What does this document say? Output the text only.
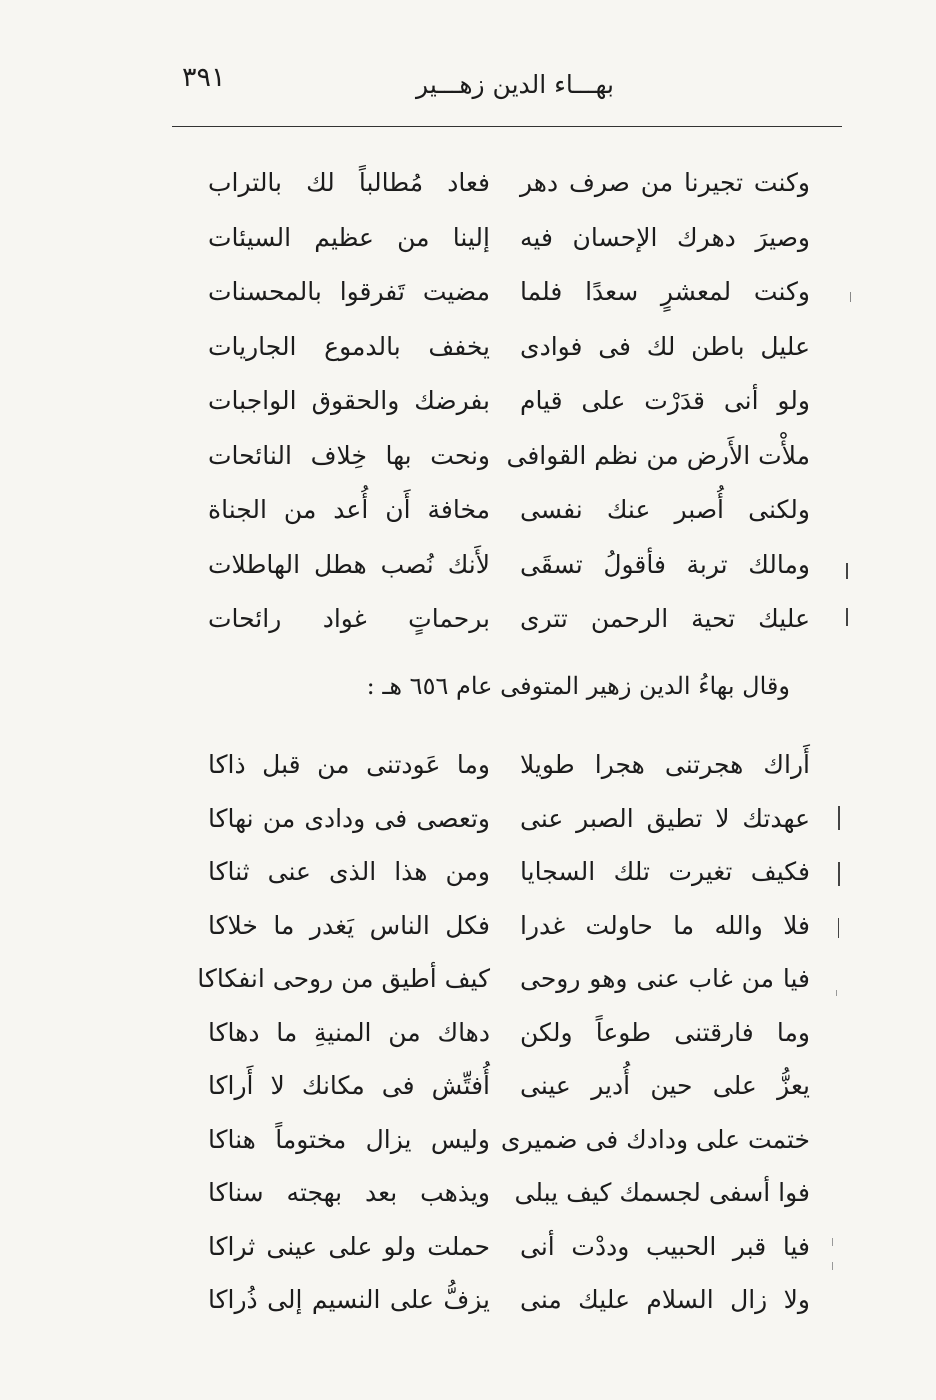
٣٩١	بهـــاء الدين زهـــير
وكنت تجيرنا من صرف دهر
فعاد مُطالباً لك بالتراب
وصيرَ دهرك الإحسان فيه
إلينا من عظيم السيئات
وكنت لمعشرٍ سعدًا فلما
مضيت تَفرقوا بالمحسنات
عليل باطن لك فى فوادى
يخفف بالدموع الجاريات
ولو أنى قدَرْت على قيام
بفرضك والحقوق الواجبات
ملأْت الأَرض من نظم القوافى
ونحت بها خِلاف النائحات
ولكنى أُصبر عنك نفسى
مخافة أَن أُعد من الجناة
ومالك تربة فأقولُ تسقَى
لأَنك نُصب هطل الهاطلات
عليك تحية الرحمن تترى
برحماتٍ غواد رائحات
وقال بهاءُ الدين زهير المتوفى عام ٦٥٦ هـ :
أَراك هجرتنى هجرا طويلا
وما عَودتنى من قبل ذاكا
عهدتك لا تطيق الصبر عنى
وتعصى فى ودادى من نهاكا
فكيف تغيرت تلك السجايا
ومن هذا الذى عنى ثناكا
فلا والله ما حاولت غدرا
فكل الناس يَغدر ما خلاكا
فيا من غاب عنى وهو روحى
كيف أطيق من روحى انفكاكا
وما فارقتنى طوعاً ولكن
دهاك من المنيةِ ما دهاكا
يعزُّ على حين أُدير عينى
أُفتِّش فى مكانك لا أَراكا
ختمت على ودادك فى ضميرى
وليس يزال مختوماً هناكا
فوا أسفى لجسمك كيف يبلى
ويذهب بعد بهجته سناكا
فيا قبر الحبيب وددْت أنى
حملت ولو على عينى ثراكا
ولا زال السلام عليك منى
يزفُّ على النسيم إلى ذُراكا
